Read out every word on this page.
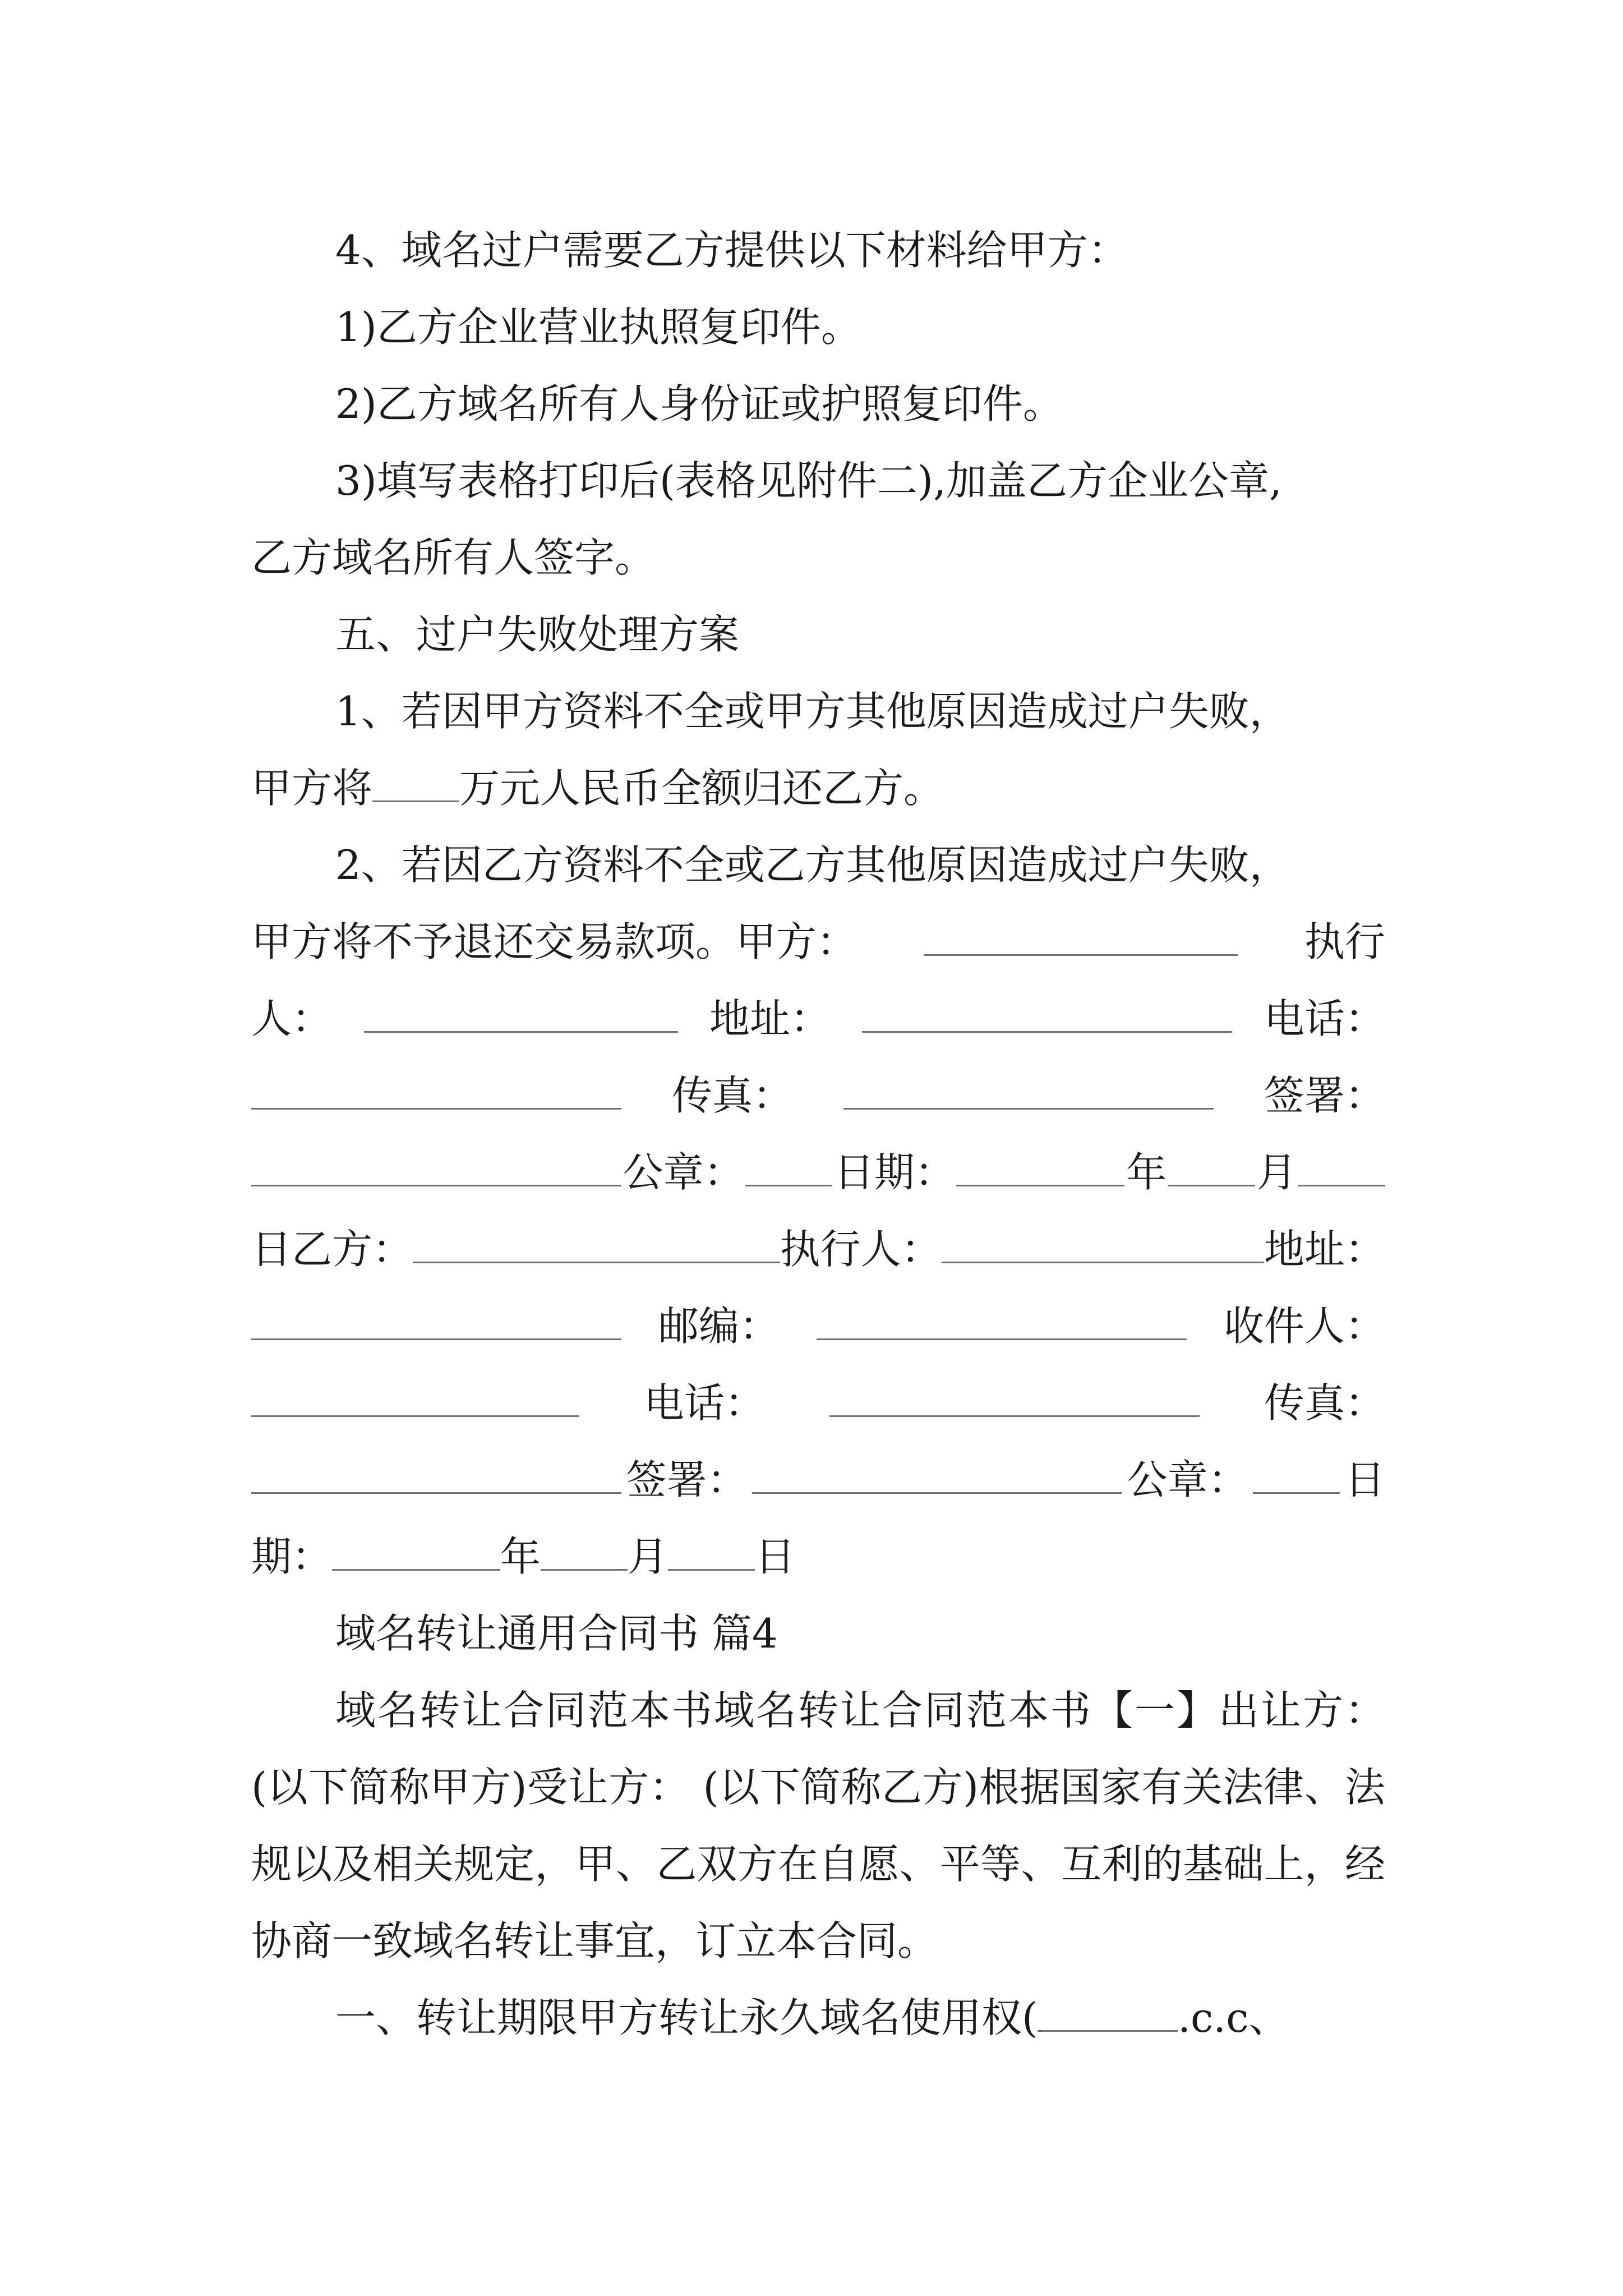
4、域名过户需要乙方提供以下材料给甲方：
1)乙方企业营业执照复印件。
2)乙方域名所有人身份证或护照复印件。
3)填写表格打印后(表格见附件二),加盖乙方企业公章,
乙方域名所有人签字。
五、过户失败处理方案
1、若因甲方资料不全或甲方其他原因造成过户失败，
甲方将 万元人民币全额归还乙方。
2、若因乙方资料不全或乙方其他原因造成过户失败，
甲方将不予退还交易款项。甲方：	执行
人：	地址：	电话：
传真：	签署：
公章： 日期：	年 月
日乙方：	执行人：	地址：
邮编：	收件人：
电话：	传真：
签署：	公章： 日
期：	年 月 日
域名转让通用合同书 篇4

域名转让合同范本书域名转让合同范本书【一】出让方：(以下简称甲方)受让方： (以下简称乙方)根据国家有关法律、法规以及相关规定，甲、乙双方在自愿、平等、互利的基础上，经协商一致域名转让事宜，订立本合同。

一、转让期限甲方转让永久域名使用权(	.c.c、
